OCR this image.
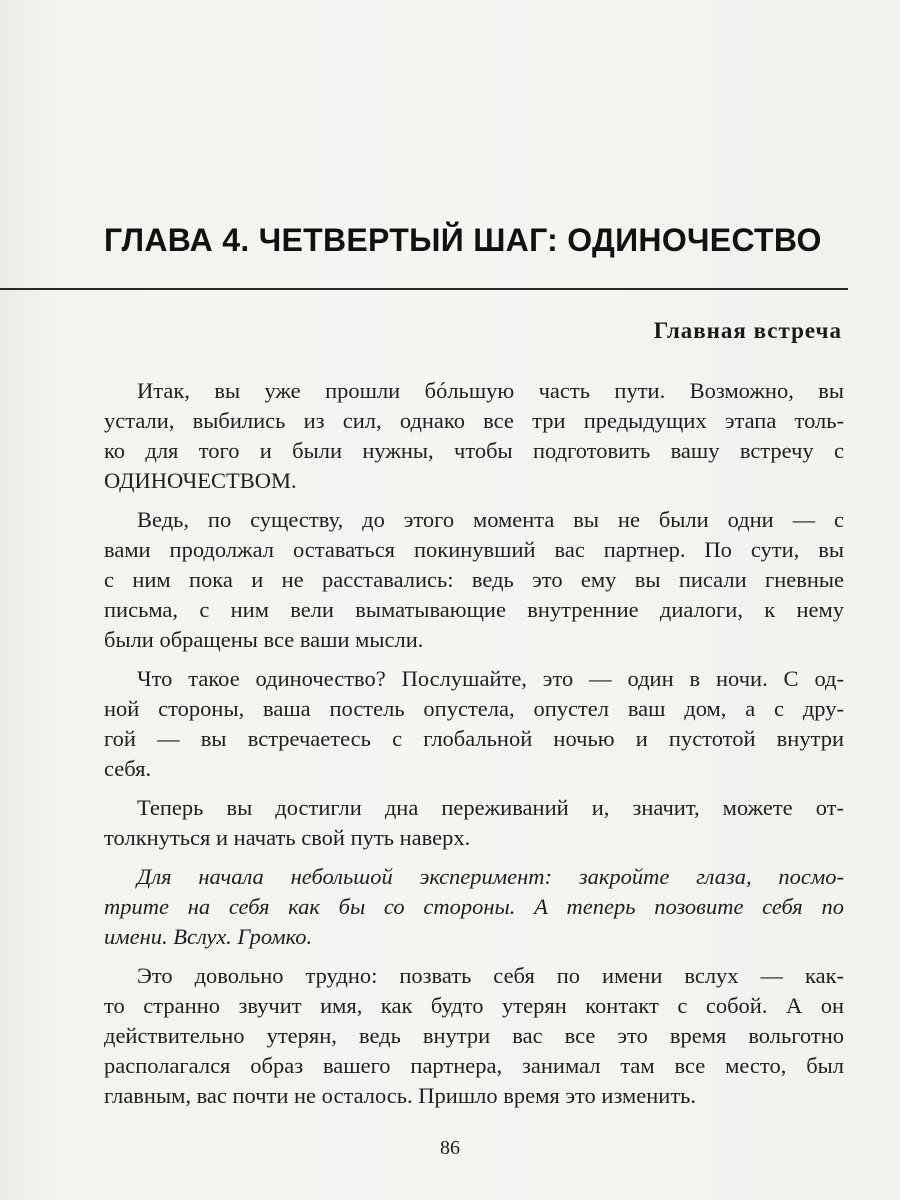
ГЛАВА 4. ЧЕТВЕРТЫЙ ШАГ: ОДИНОЧЕСТВО
Главная встреча
Итак, вы уже прошли бóльшую часть пути. Возможно, вы
устали, выбились из сил, однако все три предыдущих этапа толь-
ко для того и были нужны, чтобы подготовить вашу встречу с
ОДИНОЧЕСТВОМ.
Ведь, по существу, до этого момента вы не были одни — с
вами продолжал оставаться покинувший вас партнер. По сути, вы
с ним пока и не расставались: ведь это ему вы писали гневные
письма, с ним вели выматывающие внутренние диалоги, к нему
были обращены все ваши мысли.
Что такое одиночество? Послушайте, это — один в ночи. С од-
ной стороны, ваша постель опустела, опустел ваш дом, а с дру-
гой — вы встречаетесь с глобальной ночью и пустотой внутри
себя.
Теперь вы достигли дна переживаний и, значит, можете от-
толкнуться и начать свой путь наверх.
Для начала небольшой эксперимент: закройте глаза, посмо-
трите на себя как бы со стороны. А теперь позовите себя по
имени. Вслух. Громко.
Это довольно трудно: позвать себя по имени вслух — как-
то странно звучит имя, как будто утерян контакт с собой. А он
действительно утерян, ведь внутри вас все это время вольготно
располагался образ вашего партнера, занимал там все место, был
главным, вас почти не осталось. Пришло время это изменить.

86
